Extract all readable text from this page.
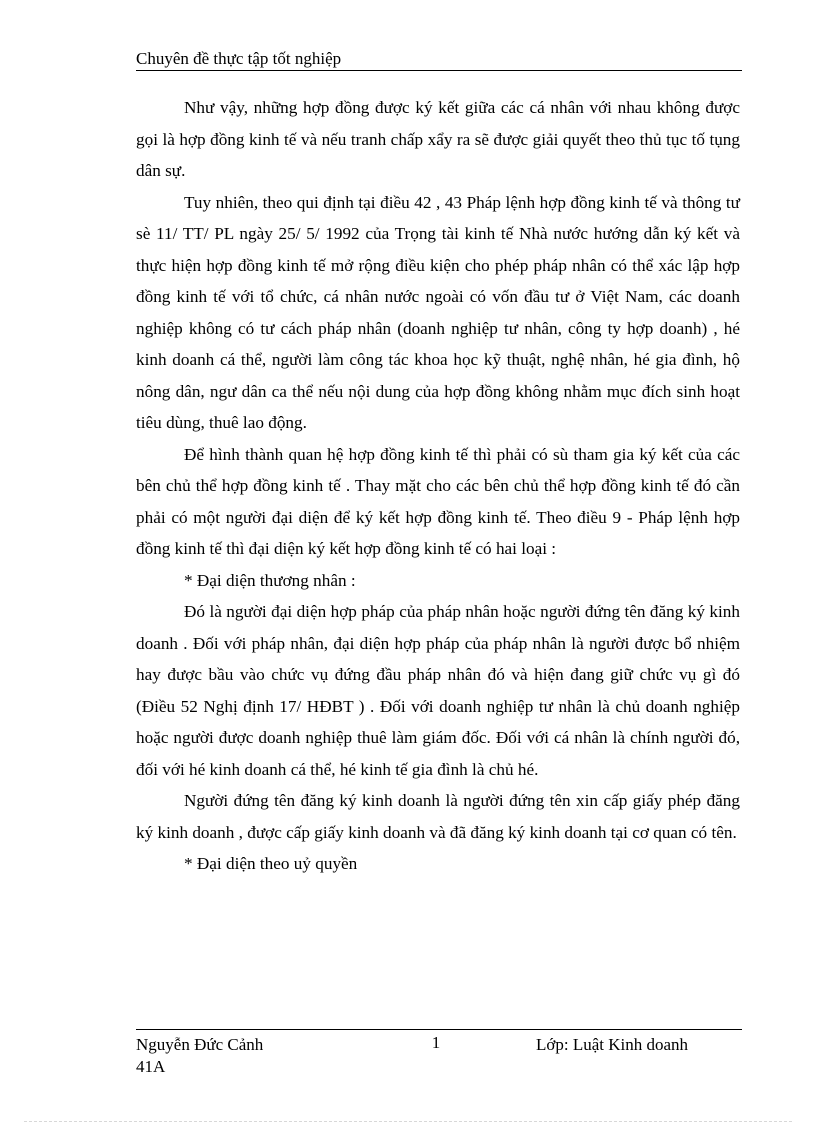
Chuyên đề thực tập tốt nghiệp

Như vậy, những hợp đồng được ký kết giữa các cá nhân với nhau không được gọi là hợp đồng kinh tế và nếu tranh chấp xẩy ra sẽ được giải quyết theo thủ tục tố tụng dân sự.

Tuy nhiên, theo qui định tại điều 42 , 43 Pháp lệnh hợp đồng kinh tế và thông tư sè 11/ TT/ PL ngày 25/ 5/ 1992 của Trọng tài kinh tế Nhà nước hướng dẫn ký kết và thực hiện hợp đồng kinh tế mở rộng điều kiện cho phép pháp nhân có thể xác lập hợp đồng kinh tế với tổ chức, cá nhân nước ngoài có vốn đầu tư ở Việt Nam, các doanh nghiệp không có tư cách pháp nhân (doanh nghiệp tư nhân, công ty hợp doanh) , hé kinh doanh cá thể, người làm công tác khoa học kỹ thuật, nghệ nhân, hé gia đình, hộ nông dân, ngư dân ca thể nếu nội dung của hợp đồng không nhằm mục đích sinh hoạt tiêu dùng, thuê lao động.

Để hình thành quan hệ hợp đồng kinh tế thì phải có sù tham gia ký kết của các bên chủ thể hợp đồng kinh tế . Thay mặt cho các bên chủ thể hợp đồng kinh tế đó cần phải có một người đại diện để ký kết hợp đồng kinh tế. Theo điều 9 - Pháp lệnh hợp đồng kinh tế thì đại diện ký kết hợp đồng kinh tế có hai loại :

* Đại diện thương nhân :

Đó là người đại diện hợp pháp của pháp nhân hoặc người đứng tên đăng ký kinh doanh . Đối với pháp nhân, đại diện hợp pháp của pháp nhân là người được bổ nhiệm hay được bầu vào chức vụ đứng đầu pháp nhân đó và hiện đang giữ chức vụ gì đó (Điều 52 Nghị định 17/ HĐBT ) . Đối với doanh nghiệp tư nhân là chủ doanh nghiệp hoặc người được doanh nghiệp thuê làm giám đốc. Đối với cá nhân là chính người đó, đối với hé kinh doanh cá thể, hé kinh tế gia đình là chủ hé.

Người đứng tên đăng ký kinh doanh là người đứng tên xin cấp giấy phép đăng ký kinh doanh , được cấp giấy kinh doanh và đã đăng ký kinh doanh tại cơ quan có tên.

* Đại diện theo uỷ quyền

Nguyễn Đức Cảnh 41A
1	Lớp: Luật Kinh doanh
